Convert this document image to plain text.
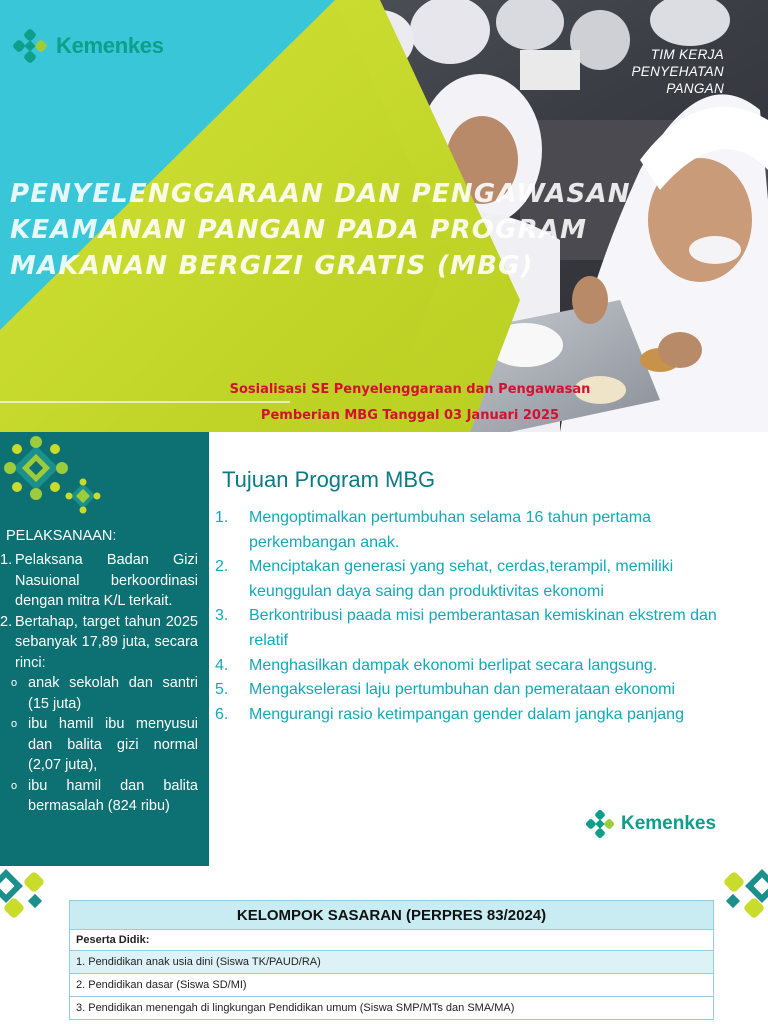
Kemenkes	TIM KERJA PENYEHATAN PANGAN
PENYELENGGARAAN DAN PENGAWASAN KEAMANAN PANGAN PADA PROGRAM MAKANAN BERGIZI GRATIS (MBG)
Sosialisasi SE Penyelenggaraan dan Pengawasan
Pemberian MBG Tanggal 03 Januari 2025
PELAKSANAAN:
1. Pelaksana Badan Gizi Nasuional berkoordinasi dengan mitra K/L terkait.
2. Bertahap, target tahun 2025 sebanyak 17,89 juta, secara rinci:
o anak sekolah dan santri (15 juta)
o ibu hamil ibu menyusui dan balita gizi normal (2,07 juta),
o ibu hamil dan balita bermasalah (824 ribu)
Tujuan Program MBG
1.	Mengoptimalkan pertumbuhan selama 16 tahun pertama perkembangan anak.
2.	Menciptakan generasi yang sehat, cerdas,terampil, memiliki keunggulan daya saing dan produktivitas ekonomi
3.	Berkontribusi paada misi pemberantasan kemiskinan ekstrem dan relatif
4.	Menghasilkan dampak ekonomi berlipat secara langsung.
5.	Mengakselerasi laju pertumbuhan dan pemerataan ekonomi
6.	Mengurangi rasio ketimpangan gender dalam jangka panjang
Kemenkes
KELOMPOK SASARAN (PERPRES 83/2024)
Peserta Didik:
1. Pendidikan anak usia dini (Siswa TK/PAUD/RA)
2. Pendidikan dasar (Siswa SD/MI)
3. Pendidikan menengah di lingkungan Pendidikan umum (Siswa SMP/MTs dan SMA/MA)
